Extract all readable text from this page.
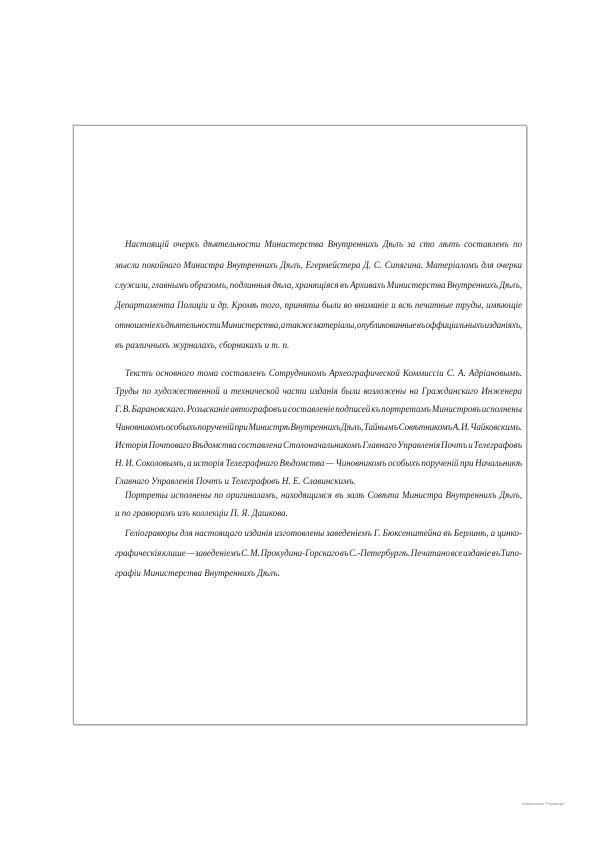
Настоящій очеркъ дѣятельности Министерства Внутреннихъ Дѣлъ за сто лѣтъ составленъ по
мысли покойнаго Министра Внутреннихъ Дѣлъ, Егермейстера Д. С. Сипягина. Матеріаломъ для очерка
служили, главнымъ образомъ, подлинныя дѣла, хранящіяся въ Архивахъ Министерства Внутреннихъ Дѣлъ,
Департамента Полиціи и др. Кромѣ того, приняты были во вниманіе и всѣ печатные труды, имѣющіе
отношеніе къ дѣятельности Министерства, а также матеріалы, опубликованные въ оффиціальныхъ изданіяхъ,
въ различныхъ журналахъ, сборникахъ и т. п.
Текстъ основного тома составленъ Сотрудникомъ Археографической Коммиссіи С. А. Адріановымъ.
Труды по художественной и технической части изданія были возложены на Гражданскаго Инженера
Г. В. Барановскаго. Розысканіе автографовъ и составленіе подписей къ портретамъ Министровъ исполнены
Чиновникомъ особыхъ порученій при Министрѣ Внутреннихъ Дѣлъ, Тайнымъ Совѣтникомъ А. И. Чайковскимъ.
Исторія Почтоваго Вѣдомства составлена Столоначальникомъ Главнаго Управленія Почтъ и Телеграфовъ
Н. И. Соколовымъ, а исторія Телеграфнаго Вѣдомства — Чиновникомъ особыхъ порученій при Начальникѣ
Главнаго Управленія Почтъ и Телеграфовъ Н. Е. Славинскимъ.
Портреты исполнены по оригиналамъ, находящимся въ залѣ Совѣта Министра Внутреннихъ Дѣлъ,
и по гравюрамъ изъ коллекціи П. Я. Дашкова.
Геліогравюры для настоящаго изданія изготовлены заведеніемъ Г. Бюксенштейна въ Берлинѣ, а цинко-
графическія клише — заведеніемъ С. М. Прокудина-Горскаго въ С.-Петербургѣ. Печатано все изданіе въ Типо-
графіи Министерства Внутреннихъ Дѣлъ.
Библиотека "Руниверс"
